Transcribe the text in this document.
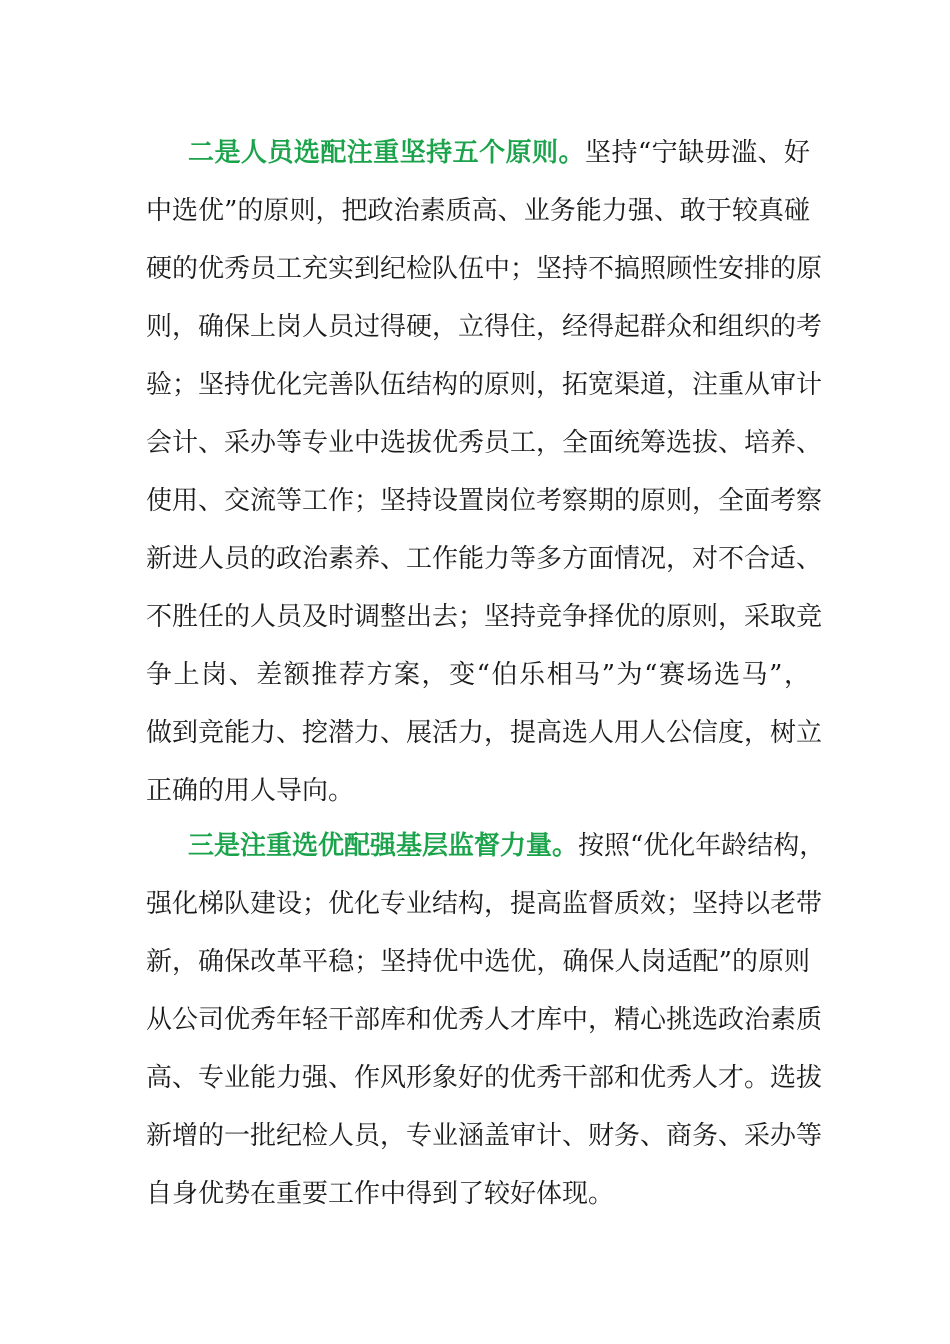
二是人员选配注重坚持五个原则。坚持“宁缺毋滥、好
中选优”的原则，把政治素质高、业务能力强、敢于较真碰
硬的优秀员工充实到纪检队伍中；坚持不搞照顾性安排的原
则，确保上岗人员过得硬，立得住，经得起群众和组织的考
验；坚持优化完善队伍结构的原则，拓宽渠道，注重从审计
会计、采办等专业中选拔优秀员工，全面统筹选拔、培养、
使用、交流等工作；坚持设置岗位考察期的原则，全面考察
新进人员的政治素养、工作能力等多方面情况，对不合适、
不胜任的人员及时调整出去；坚持竞争择优的原则，采取竞
争上岗、差额推荐方案，变“伯乐相马”为“赛场选马”，
做到竞能力、挖潜力、展活力，提高选人用人公信度，树立
正确的用人导向。

三是注重选优配强基层监督力量。按照“优化年龄结构，
强化梯队建设；优化专业结构，提高监督质效；坚持以老带
新，确保改革平稳；坚持优中选优，确保人岗适配”的原则
从公司优秀年轻干部库和优秀人才库中，精心挑选政治素质
高、专业能力强、作风形象好的优秀干部和优秀人才。选拔
新增的一批纪检人员，专业涵盖审计、财务、商务、采办等
自身优势在重要工作中得到了较好体现。
